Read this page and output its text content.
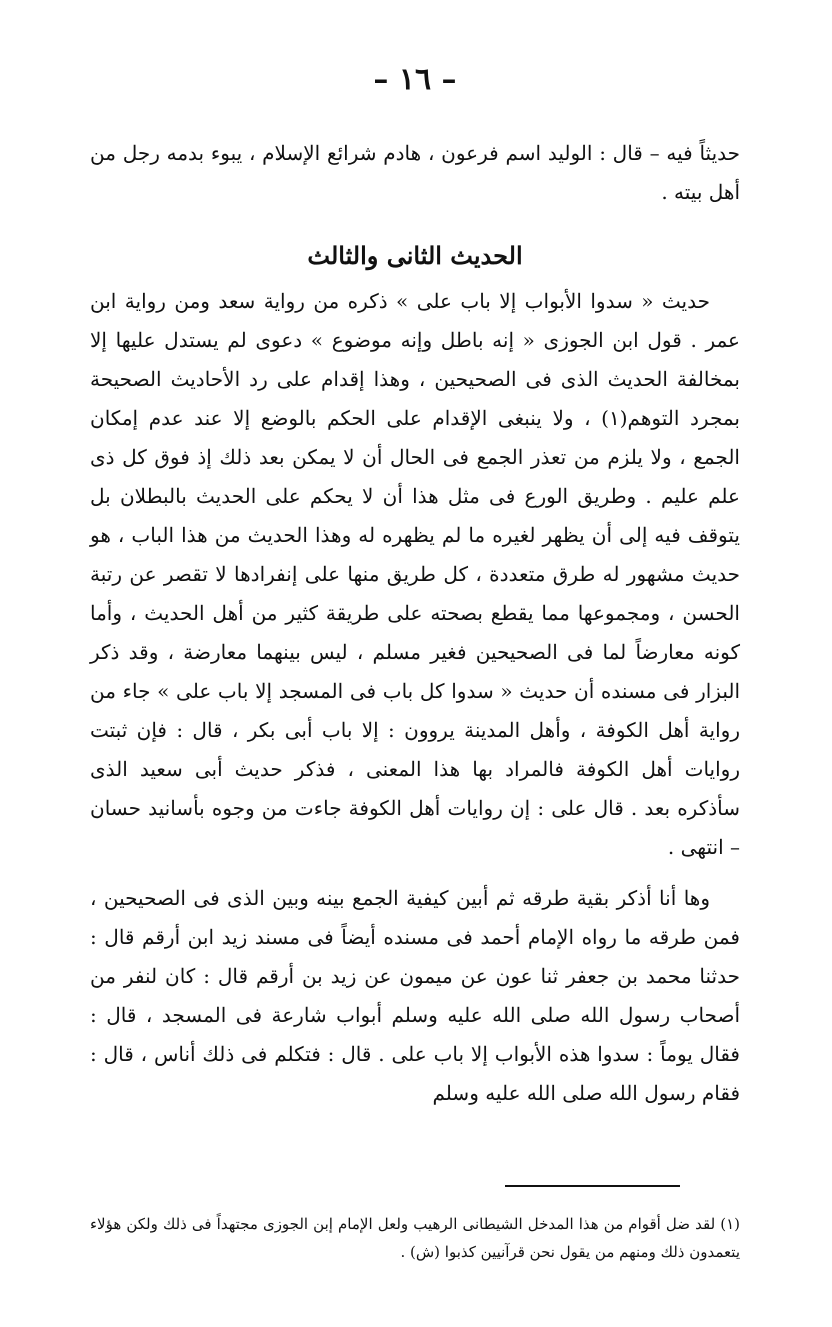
– ١٦ –

حديثاً فيه – قال : الوليد اسم فرعون ، هادم شرائع الإسلام ، يبوء بدمه رجل من أهل بيته .

الحديث الثانى والثالث

حديث « سدوا الأبواب إلا باب على » ذكره من رواية سعد ومن رواية ابن عمر . قول ابن الجوزى « إنه باطل وإنه موضوع » دعوى لم يستدل عليها إلا بمخالفة الحديث الذى فى الصحيحين ، وهذا إقدام على رد الأحاديث الصحيحة بمجرد التوهم(١) ، ولا ينبغى الإقدام على الحكم بالوضع إلا عند عدم إمكان الجمع ، ولا يلزم من تعذر الجمع فى الحال أن لا يمكن بعد ذلك إذ فوق كل ذى علم عليم . وطريق الورع فى مثل هذا أن لا يحكم على الحديث بالبطلان بل يتوقف فيه إلى أن يظهر لغيره ما لم يظهره له وهذا الحديث من هذا الباب ، هو حديث مشهور له طرق متعددة ، كل طريق منها على إنفرادها لا تقصر عن رتبة الحسن ، ومجموعها مما يقطع بصحته على طريقة كثير من أهل الحديث ، وأما كونه معارضاً لما فى الصحيحين فغير مسلم ، ليس بينهما معارضة ، وقد ذكر البزار فى مسنده أن حديث « سدوا كل باب فى المسجد إلا باب على » جاء من رواية أهل الكوفة ، وأهل المدينة يروون : إلا باب أبى بكر ، قال : فإن ثبتت روايات أهل الكوفة فالمراد بها هذا المعنى ، فذكر حديث أبى سعيد الذى سأذكره بعد . قال على : إن روايات أهل الكوفة جاءت من وجوه بأسانيد حسان – انتهى .

وها أنا أذكر بقية طرقه ثم أبين كيفية الجمع بينه وبين الذى فى الصحيحين ، فمن طرقه ما رواه الإمام أحمد فى مسنده أيضاً فى مسند زيد ابن أرقم قال : حدثنا محمد بن جعفر ثنا عون عن ميمون عن زيد بن أرقم قال : كان لنفر من أصحاب رسول الله صلى الله عليه وسلم أبواب شارعة فى المسجد ، قال : فقال يوماً : سدوا هذه الأبواب إلا باب على . قال : فتكلم فى ذلك أناس ، قال : فقام رسول الله صلى الله عليه وسلم

(١) لقد ضل أقوام من هذا المدخل الشيطانى الرهيب ولعل الإمام إبن الجوزى مجتهداً فى ذلك ولكن هؤلاء يتعمدون ذلك ومنهم من يقول نحن قرآنيين كذبوا (ش) .
